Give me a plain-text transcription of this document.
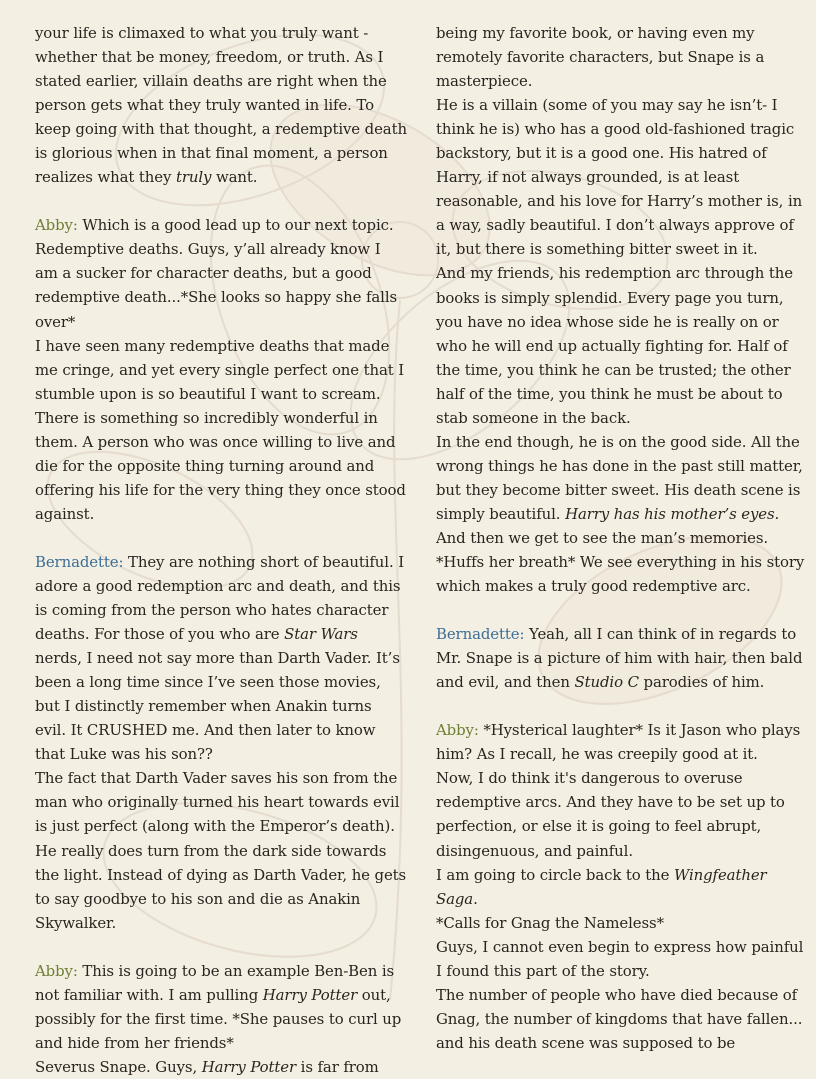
your life is climaxed to what you truly want - whether that be money, freedom, or truth. As I stated earlier, villain deaths are right when the person gets what they truly wanted in life. To keep going with that thought, a redemptive death is glorious when in that final moment, a person realizes what they truly want.

Abby: Which is a good lead up to our next topic. Redemptive deaths. Guys, y’all already know I am a sucker for character deaths, but a good redemptive death...*She looks so happy she falls over*

I have seen many redemptive deaths that made me cringe, and yet every single perfect one that I stumble upon is so beautiful I want to scream. There is something so incredibly wonderful in them. A person who was once willing to live and die for the opposite thing turning around and offering his life for the very thing they once stood against.

Bernadette: They are nothing short of beautiful. I adore a good redemption arc and death, and this is coming from the person who hates character deaths. For those of you who are Star Wars nerds, I need not say more than Darth Vader. It’s been a long time since I’ve seen those movies, but I distinctly remember when Anakin turns evil. It CRUSHED me. And then later to know that Luke was his son??

The fact that Darth Vader saves his son from the man who originally turned his heart towards evil is just perfect (along with the Emperor’s death). He really does turn from the dark side towards the light. Instead of dying as Darth Vader, he gets to say goodbye to his son and die as Anakin Skywalker.

Abby: This is going to be an example Ben-Ben is not familiar with. I am pulling Harry Potter out, possibly for the first time. *She pauses to curl up and hide from her friends*

Severus Snape. Guys, Harry Potter is far from

being my favorite book, or having even my remotely favorite characters, but Snape is a masterpiece.

He is a villain (some of you may say he isn’t- I think he is) who has a good old-fashioned tragic backstory, but it is a good one. His hatred of Harry, if not always grounded, is at least reasonable, and his love for Harry’s mother is, in a way, sadly beautiful. I don’t always approve of it, but there is something bitter sweet in it.

And my friends, his redemption arc through the books is simply splendid. Every page you turn, you have no idea whose side he is really on or who he will end up actually fighting for. Half of the time, you think he can be trusted; the other half of the time, you think he must be about to stab someone in the back.

In the end though, he is on the good side. All the wrong things he has done in the past still matter, but they become bitter sweet. His death scene is simply beautiful. Harry has his mother’s eyes. And then we get to see the man’s memories. *Huffs her breath* We see everything in his story which makes a truly good redemptive arc.

Bernadette: Yeah, all I can think of in regards to Mr. Snape is a picture of him with hair, then bald and evil, and then Studio C parodies of him.

Abby: *Hysterical laughter* Is it Jason who plays him? As I recall, he was creepily good at it.

Now, I do think it's dangerous to overuse redemptive arcs. And they have to be set up to perfection, or else it is going to feel abrupt, disingenuous, and painful.

I am going to circle back to the Wingfeather Saga.

*Calls for Gnag the Nameless*

Guys, I cannot even begin to express how painful I found this part of the story.

The number of people who have died because of Gnag, the number of kingdoms that have fallen... and his death scene was supposed to be
